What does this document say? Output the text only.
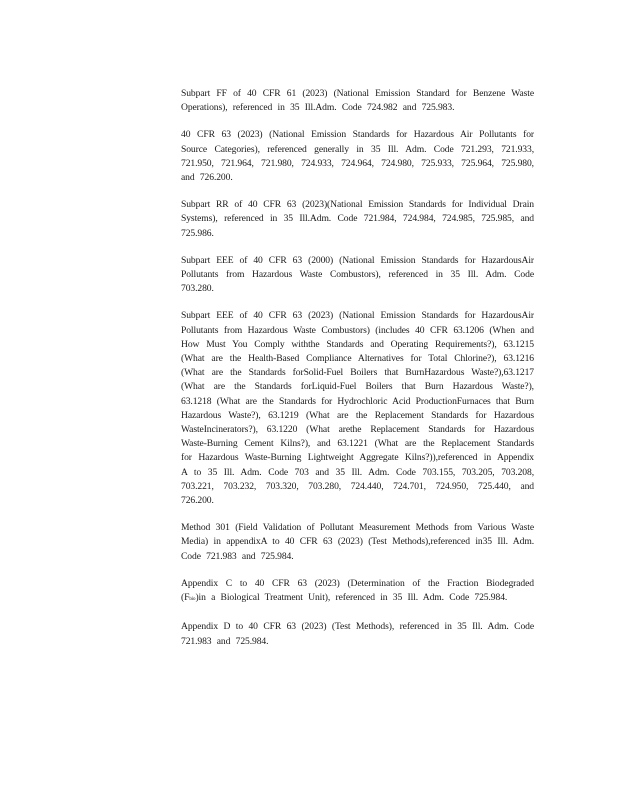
Subpart FF of 40 CFR 61 (2023) (National Emission Standard for Benzene Waste Operations), referenced in 35 Ill.Adm. Code 724.982 and 725.983.

40 CFR 63 (2023) (National Emission Standards for Hazardous Air Pollutants for Source Categories), referenced generally in 35 Ill. Adm. Code 721.293, 721.933, 721.950, 721.964, 721.980, 724.933, 724.964, 724.980, 725.933, 725.964, 725.980, and 726.200.

Subpart RR of 40 CFR 63 (2023)(National Emission Standards for Individual Drain Systems), referenced in 35 Ill.Adm. Code 721.984, 724.984, 724.985, 725.985, and 725.986.

Subpart EEE of 40 CFR 63 (2000) (National Emission Standards for HazardousAir Pollutants from Hazardous Waste Combustors), referenced in 35 Ill. Adm. Code 703.280.

Subpart EEE of 40 CFR 63 (2023) (National Emission Standards for HazardousAir Pollutants from Hazardous Waste Combustors) (includes 40 CFR 63.1206 (When and How Must You Comply withthe Standards and Operating Requirements?), 63.1215 (What are the Health-Based Compliance Alternatives for Total Chlorine?), 63.1216 (What are the Standards forSolid-Fuel Boilers that BurnHazardous Waste?),63.1217 (What are the Standards forLiquid-Fuel Boilers that Burn Hazardous Waste?), 63.1218 (What are the Standards for Hydrochloric Acid ProductionFurnaces that Burn Hazardous Waste?), 63.1219 (What are the Replacement Standards for Hazardous WasteIncinerators?), 63.1220 (What arethe Replacement Standards for Hazardous Waste-Burning Cement Kilns?), and 63.1221 (What are the Replacement Standards for Hazardous Waste-Burning Lightweight Aggregate Kilns?)),referenced in Appendix A to 35 Ill. Adm. Code 703 and 35 Ill. Adm. Code 703.155, 703.205, 703.208, 703.221, 703.232, 703.320, 703.280, 724.440, 724.701, 724.950, 725.440, and 726.200.

Method 301 (Field Validation of Pollutant Measurement Methods from Various Waste Media) in appendixA to 40 CFR 63 (2023) (Test Methods),referenced in35 Ill. Adm. Code 721.983 and 725.984.

Appendix C to 40 CFR 63 (2023) (Determination of the Fraction Biodegraded (Fbio)in a Biological Treatment Unit), referenced in 35 Ill. Adm. Code 725.984.

Appendix D to 40 CFR 63 (2023) (Test Methods), referenced in 35 Ill. Adm. Code 721.983 and 725.984.
